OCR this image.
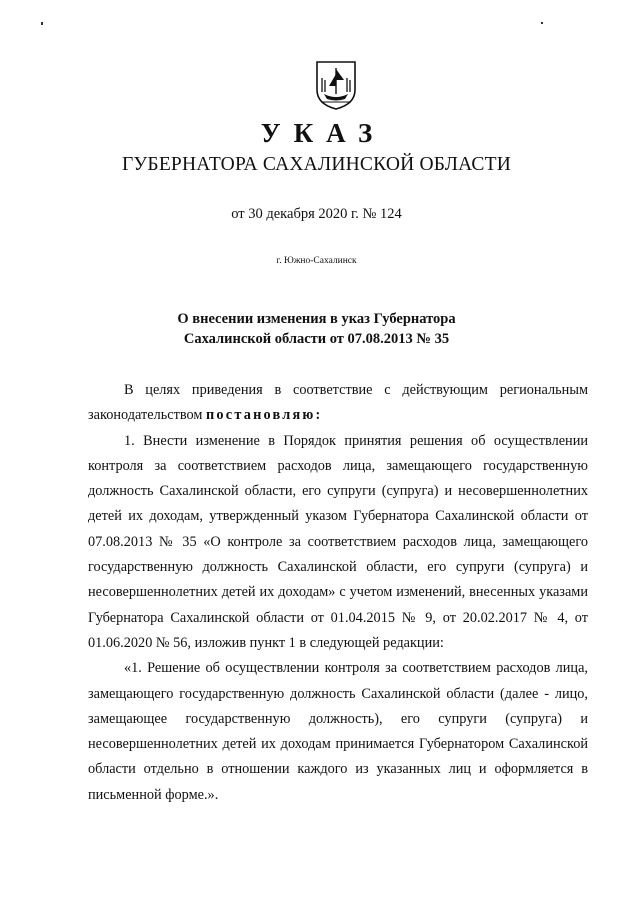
УКАЗ
ГУБЕРНАТОРА САХАЛИНСКОЙ ОБЛАСТИ
от 30 декабря 2020 г. № 124
г. Южно-Сахалинск
О внесении изменения в указ Губернатора
Сахалинской области от 07.08.2013 № 35

В целях приведения в соответствие с действующим региональным законодательством постановляю:

1. Внести изменение в Порядок принятия решения об осуществлении контроля за соответствием расходов лица, замещающего государственную должность Сахалинской области, его супруги (супруга) и несовершеннолетних детей их доходам, утвержденный указом Губернатора Сахалинской области от 07.08.2013 № 35 «О контроле за соответствием расходов лица, замещающего государственную должность Сахалинской области, его супруги (супруга) и несовершеннолетних детей их доходам» с учетом изменений, внесенных указами Губернатора Сахалинской области от 01.04.2015 № 9, от 20.02.2017 № 4, от 01.06.2020 № 56, изложив пункт 1 в следующей редакции:

«1. Решение об осуществлении контроля за соответствием расходов лица, замещающего государственную должность Сахалинской области (далее - лицо, замещающее государственную должность), его супруги (супруга) и несовершеннолетних детей их доходам принимается Губернатором Сахалинской области отдельно в отношении каждого из указанных лиц и оформляется в письменной форме.».
